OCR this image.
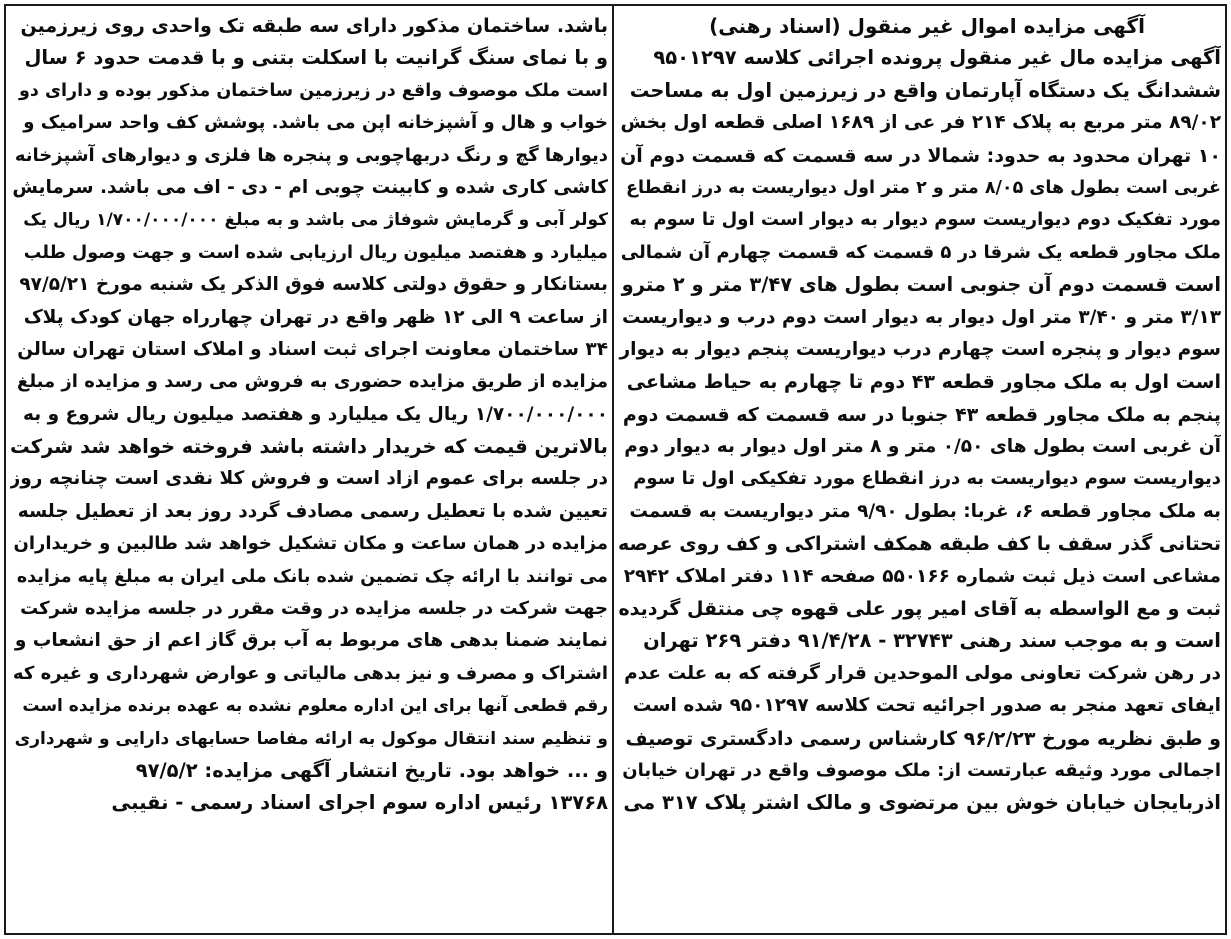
آگهی مزایده اموال غیر منقول (اسناد رهنی)
آگهی مزایده مال غیر منقول پرونده اجرائی کلاسه ۹۵۰۱۲۹۷
ششدانگ یک دستگاه آپارتمان واقع در زیرزمین اول به مساحت
۸۹/۰۲ متر مربع به پلاک ۲۱۴ فر عی از ۱۶۸۹ اصلی قطعه اول بخش
۱۰ تهران محدود به حدود: شمالا در سه قسمت که قسمت دوم آن
غربی است بطول های ۸/۰۵ متر و ۲ متر اول دیواریست به درز انقطاع
مورد تفکیک دوم دیواریست سوم دیوار به دیوار است اول تا سوم به
ملک مجاور قطعه یک شرقا در ۵ قسمت که قسمت چهارم آن شمالی
است قسمت دوم آن جنوبی است بطول های ۳/۴۷ متر و ۲ مترو
۳/۱۳ متر و ۳/۴۰ متر اول دیوار به دیوار است دوم درب و دیواریست
سوم دیوار و پنجره است چهارم درب دیواریست پنجم دیوار به دیوار
است اول به ملک مجاور قطعه ۴۳ دوم تا چهارم به حیاط مشاعی
پنجم به ملک مجاور قطعه ۴۳ جنوبا در سه قسمت که قسمت دوم
آن غربی است بطول های ۰/۵۰ متر و ۸ متر اول دیوار به دیوار دوم
دیواریست سوم دیواریست به درز انقطاع مورد تفکیکی اول تا سوم
به ملک مجاور قطعه ۶، غربا: بطول ۹/۹۰ متر دیواریست به قسمت
تحتانی گذر سقف با کف طبقه همکف اشتراکی و کف روی عرصه
مشاعی است ذیل ثبت شماره ۵۵۰۱۶۶ صفحه ۱۱۴ دفتر املاک ۲۹۴۲
ثبت و مع الواسطه به آقای امیر پور علی قهوه چی منتقل گردیده
است و به موجب سند رهنی ۳۲۷۴۳ - ۹۱/۴/۲۸ دفتر ۲۶۹ تهران
در رهن شرکت تعاونی مولی الموحدین قرار گرفته که به علت عدم
ایفای تعهد منجر به صدور اجرائیه تحت کلاسه ۹۵۰۱۲۹۷ شده است
و طبق نظریه مورخ ۹۶/۲/۲۳ کارشناس رسمی دادگستری توصیف
اجمالی مورد وثیقه عبارتست از: ملک موصوف واقع در تهران خیابان
اذربایجان خیابان خوش بین مرتضوی و مالک اشتر پلاک ۳۱۷ می
باشد. ساختمان مذکور دارای سه طبقه تک واحدی روی زیرزمین
و با نمای سنگ گرانیت با اسکلت بتنی و با قدمت حدود ۶ سال
است ملک موصوف واقع در زیرزمین ساختمان مذکور بوده و دارای دو
خواب و هال و آشپزخانه اپن می باشد. پوشش کف واحد سرامیک و
دیوارها گچ و رنگ دربهاچوبی و پنجره ها فلزی و دیوارهای آشپزخانه
کاشی کاری شده و کابینت چوبی ام - دی - اف می باشد. سرمایش
کولر آبی و گرمایش شوفاژ می باشد و به مبلغ ۱/۷۰۰/۰۰۰/۰۰۰ ریال یک
میلیارد و هفتصد میلیون ریال ارزیابی شده است و جهت وصول طلب
بستانکار و حقوق دولتی کلاسه فوق الذکر یک شنبه مورخ ۹۷/۵/۲۱
از ساعت ۹ الی ۱۲ ظهر واقع در تهران چهارراه جهان کودک پلاک
۳۴ ساختمان معاونت اجرای ثبت اسناد و املاک استان تهران سالن
مزایده از طریق مزایده حضوری به فروش می رسد و مزایده از مبلغ
۱/۷۰۰/۰۰۰/۰۰۰ ریال یک میلیارد و هفتصد میلیون ریال شروع و به
بالاترین قیمت که خریدار داشته باشد فروخته خواهد شد شرکت
در جلسه برای عموم ازاد است و فروش کلا نقدی است چنانچه روز
تعیین شده با تعطیل رسمی مصادف گردد روز بعد از تعطیل جلسه
مزایده در همان ساعت و مکان تشکیل خواهد شد طالبین و خریداران
می توانند با ارائه چک تضمین شده بانک ملی ایران به مبلغ پایه مزایده
جهت شرکت در جلسه مزایده در وقت مقرر در جلسه مزایده شرکت
نمایند ضمنا بدهی های مربوط به آب برق گاز اعم از حق انشعاب و
اشتراک و مصرف و نیز بدهی مالیاتی و عوارض شهرداری و غیره که
رقم قطعی آنها برای این اداره معلوم نشده به عهده برنده مزایده است
و تنظیم سند انتقال موکول به ارائه مفاصا حسابهای دارایی و شهرداری
و ... خواهد بود. تاریخ انتشار آگهی مزایده: ۹۷/۵/۲
۱۳۷۶۸ رئیس اداره سوم اجرای اسناد رسمی - نقیبی
